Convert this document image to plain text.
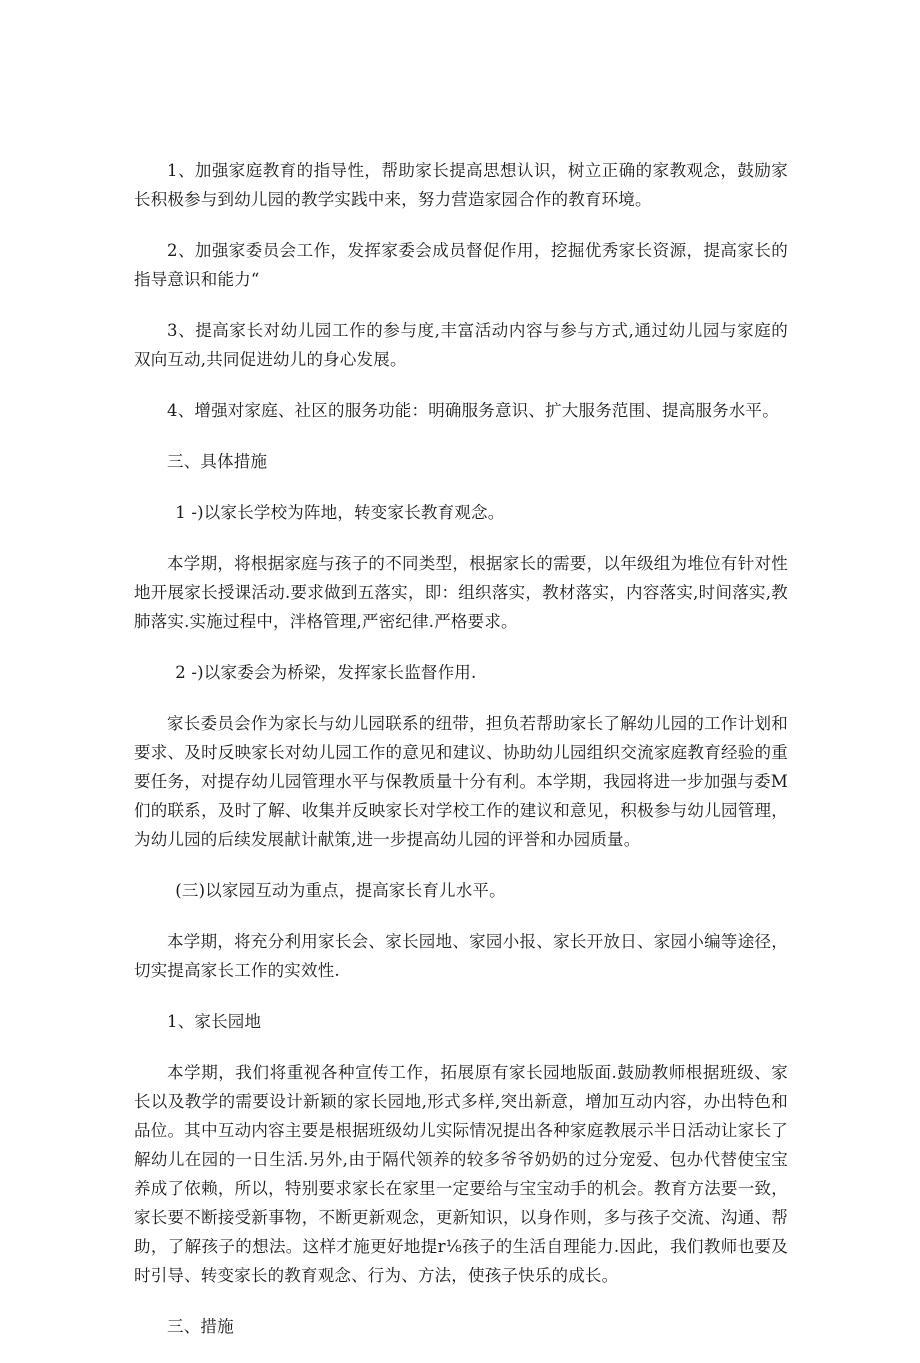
1、加强家庭教育的指导性，帮助家长提高思想认识，树立正确的家教观念，鼓励家长积极参与到幼儿园的教学实践中来，努力营造家园合作的教育环境。

2、加强家委员会工作，发挥家委会成员督促作用，挖掘优秀家长资源，提高家长的指导意识和能力“

3、提高家长对幼儿园工作的参与度,丰富活动内容与参与方式,通过幼儿园与家庭的双向互动,共同促进幼儿的身心发展。

4、增强对家庭、社区的服务功能：明确服务意识、扩大服务范围、提高服务水平。

三、具体措施

1 -)以家长学校为阵地，转变家长教育观念。

本学期，将根据家庭与孩子的不同类型，根据家长的需要，以年级组为堆位有针对性地开展家长授课活动.要求做到五落实，即：组织落实，教材落实，内容落实,时间落实,教肺落实.实施过程中，泮格管理,严密纪律.严格要求。

2 -)以家委会为桥梁，发挥家长监督作用.

家长委员会作为家长与幼儿园联系的纽带，担负若帮助家长了解幼儿园的工作计划和要求、及时反映家长对幼儿园工作的意见和建议、协助幼儿园组织交流家庭教育经验的重要任务，对提存幼儿园管理水平与保教质量十分有利。本学期，我园将进一步加强与委M们的联系，及时了解、收集并反映家长对学校工作的建议和意见，积极参与幼儿园管理，为幼儿园的后续发展献计献策,进一步提高幼儿园的评誉和办园质量。

(三)以家园互动为重点，提高家长育儿水平。

本学期，将充分利用家长会、家长园地、家园小报、家长开放日、家园小编等途径，切实提高家长工作的实效性.

1、家长园地

本学期，我们将重视各种宣传工作，拓展原有家长园地版面.鼓励教师根据班级、家长以及教学的需要设计新颖的家长园地,形式多样,突出新意，增加互动内容，办出特色和品位。其中互动内容主要是根据班级幼儿实际情况提出各种家庭教展示半日活动让家长了解幼儿在园的一日生活.另外,由于隔代领养的较多爷爷奶奶的过分宠爱、包办代替使宝宝养成了依赖，所以，特别要求家长在家里一定要给与宝宝动手的机会。教育方法要一致，家长要不断接受新事物，不断更新观念，更新知识，以身作则，多与孩子交流、沟通、帮助，了解孩子的想法。这样才施更好地提r⅛孩子的生活自理能力.因此，我们教师也要及时引导、转变家长的教育观念、行为、方法，使孩子快乐的成长。

三、措施
